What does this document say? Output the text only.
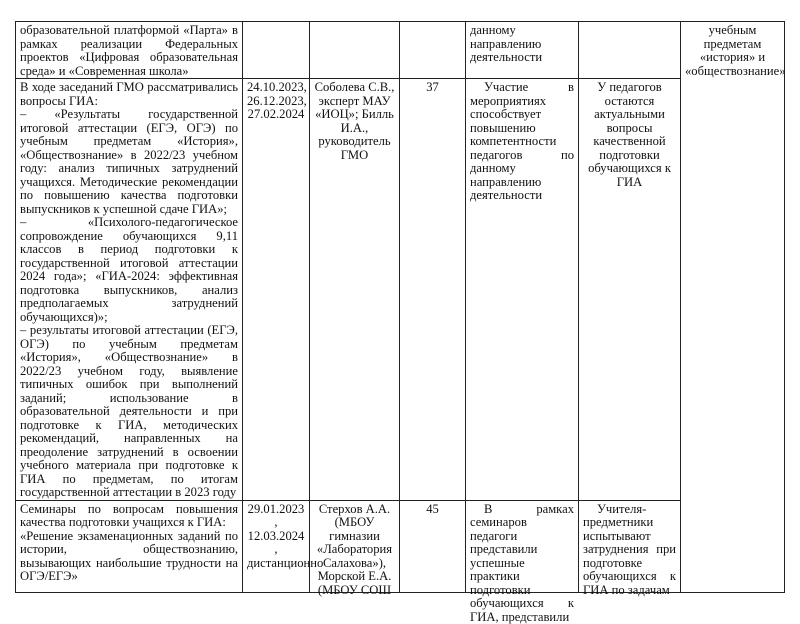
образовательной платформой «Парта» в рамках реализации Федеральных проектов «Цифровая образовательная среда» и «Современная школа»				данному направлению деятельности		учебным предметам «история» и «обществознание»

В ходе заседаний ГМО рассматривались вопросы ГИА:

– «Результаты государственной итоговой аттестации (ЕГЭ, ОГЭ) по учебным предметам «История», «Обществознание» в 2022/23 учебном году: анализ типичных затруднений учащихся. Методические рекомендации по повышению качества подготовки выпускников к успешной сдаче ГИА»;

– «Психолого-педагогическое сопровождение обучающихся 9,11 классов в период подготовки к государственной итоговой аттестации 2024 года»; «ГИА-2024: эффективная подготовка выпускников, анализ предполагаемых затруднений обучающихся)»;

– результаты итоговой аттестации (ЕГЭ, ОГЭ) по учебным предметам «История», «Обществознание» в 2022/23 учебном году, выявление типичных ошибок при выполнений заданий; использование в образовательной деятельности и при подготовке к ГИА, методических рекомендаций, направленных на преодоление затруднений в освоении учебного материала при подготовке к ГИА по предметам, по итогам государственной аттестации в 2023 году	24.10.2023, 26.12.2023, 27.02.2024	Соболева С.В., эксперт МАУ «ИОЦ»; Билль И.А., руководитель ГМО	37	Участие в мероприятиях способствует повышению компетентности педагогов по данному направлению деятельности	У педагогов остаются актуальными вопросы качественной подготовки обучающихся к ГИА	

Семинары по вопросам повышения качества подготовки учащихся к ГИА:

«Решение экзаменационных заданий по истории, обществознанию, вызывающих наибольшие трудности на ОГЭ/ЕГЭ»	29.01.2023 , 12.03.2024 , дистанционно	Стерхов А.А. (МБОУ гимназии «Лаборатория Салахова»), Морской Е.А. (МБОУ СОШ	45	В рамках семинаров педагоги представили успешные практики подготовки обучающихся к ГИА, представили	Учителя-предметники испытывают затруднения при подготовке обучающихся к ГИА по задачам	
